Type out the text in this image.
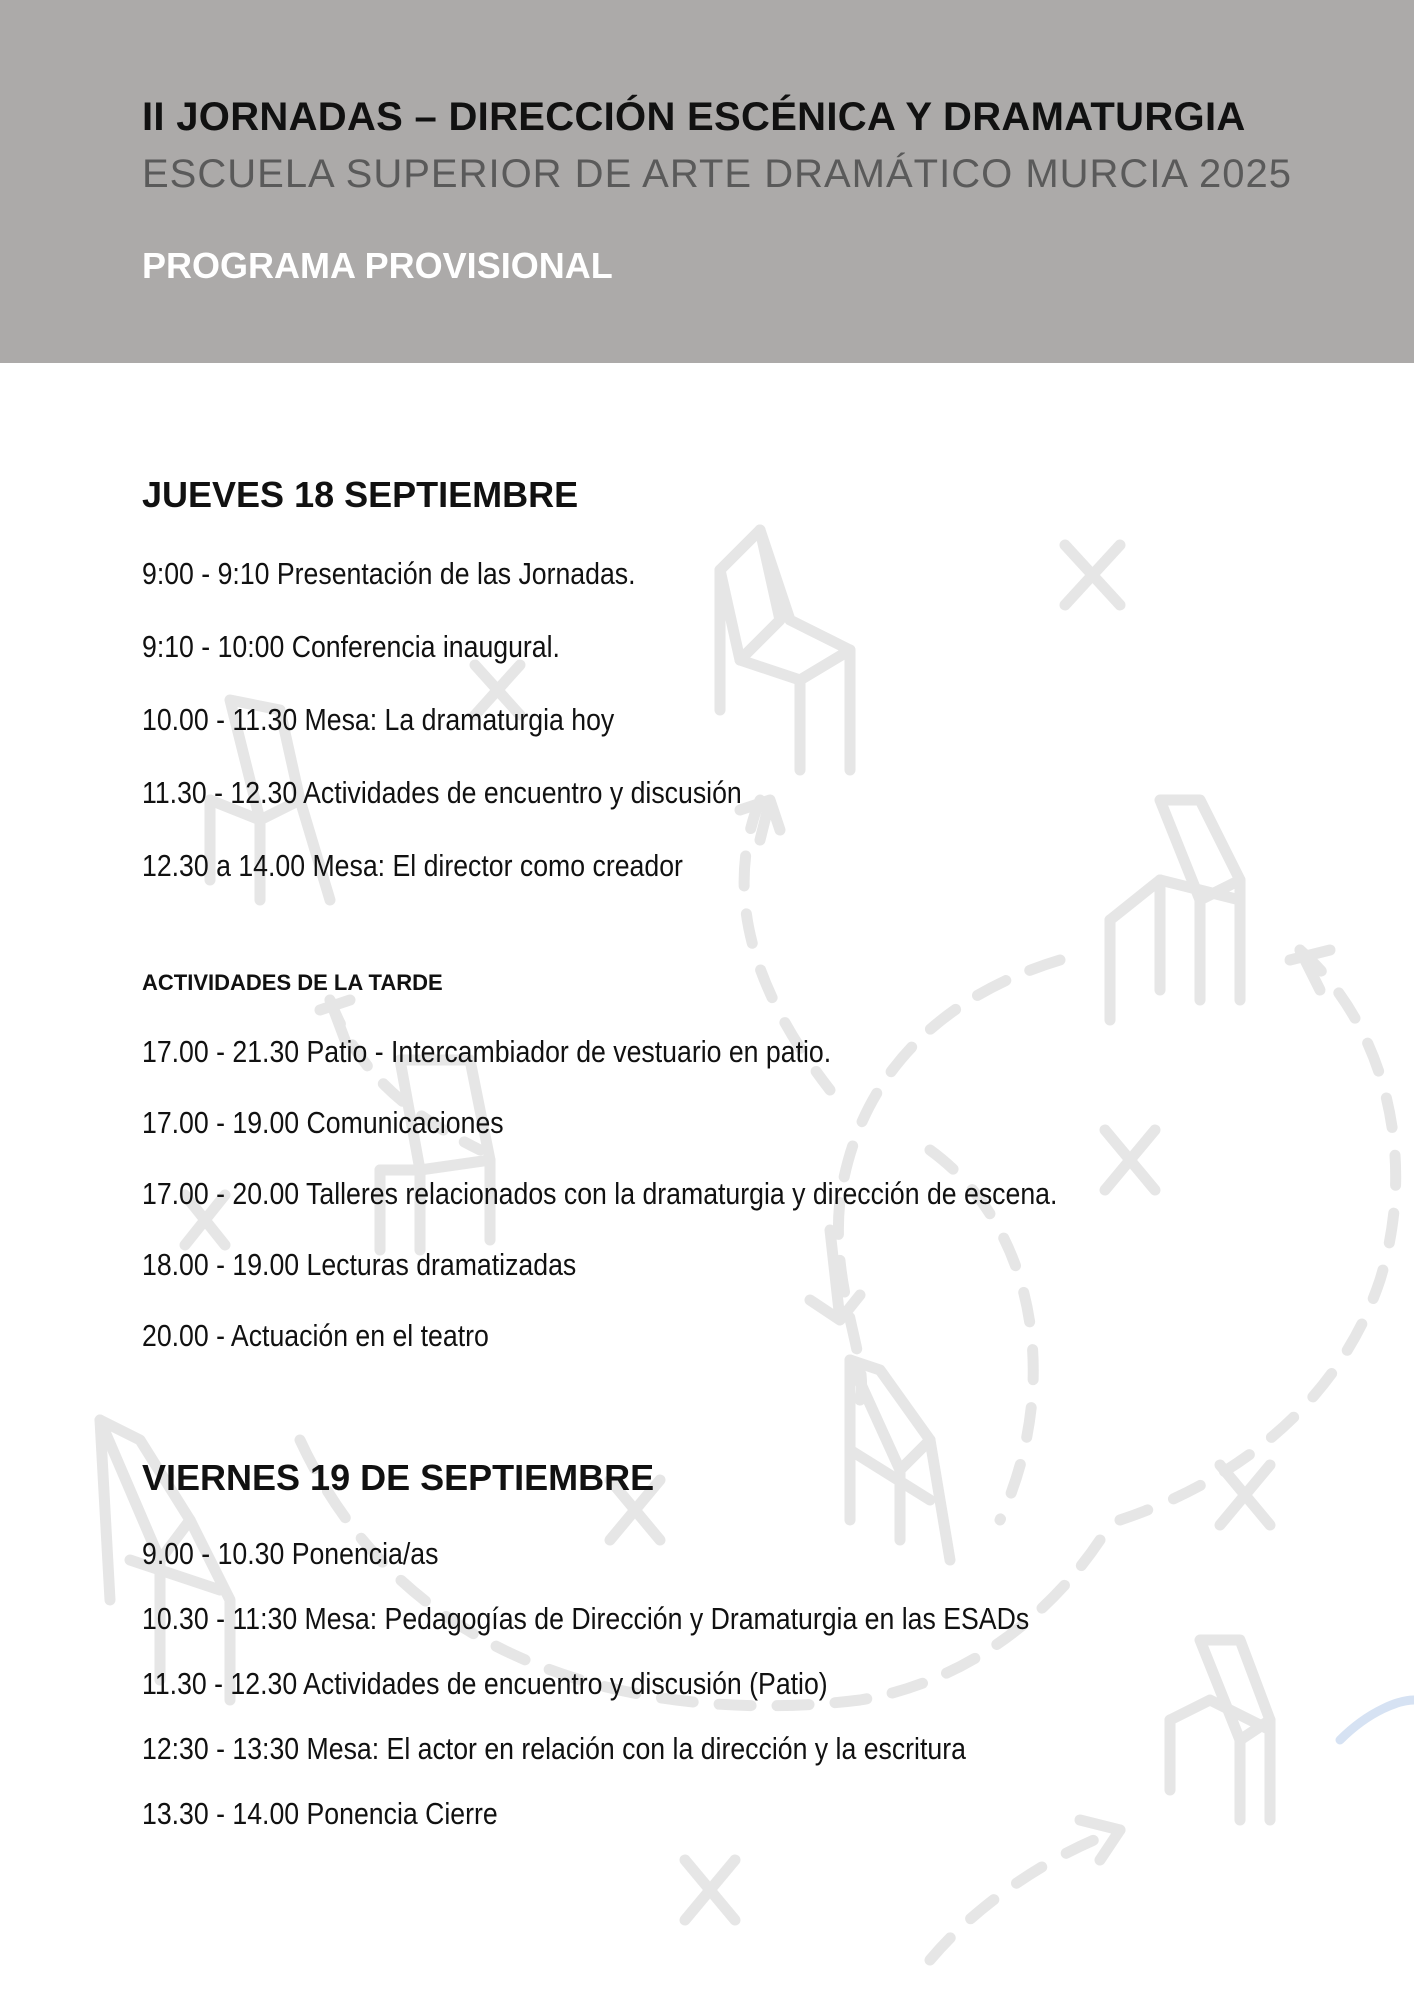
II JORNADAS – DIRECCIÓN ESCÉNICA Y DRAMATURGIA
ESCUELA SUPERIOR DE ARTE DRAMÁTICO MURCIA 2025
PROGRAMA PROVISIONAL
JUEVES 18 SEPTIEMBRE
9:00 - 9:10 Presentación de las Jornadas.
9:10 - 10:00 Conferencia inaugural.
10.00 - 11.30 Mesa: La dramaturgia hoy
11.30 - 12.30 Actividades de encuentro y discusión
12.30 a 14.00 Mesa: El director como creador
ACTIVIDADES DE LA TARDE
17.00 - 21.30 Patio - Intercambiador de vestuario en patio.
17.00 - 19.00 Comunicaciones
17.00 - 20.00 Talleres relacionados con la dramaturgia y dirección de escena.
18.00 - 19.00 Lecturas dramatizadas
20.00 - Actuación en el teatro
VIERNES 19 DE SEPTIEMBRE
9.00 - 10.30 Ponencia/as
10.30 - 11:30 Mesa: Pedagogías de Dirección y Dramaturgia en las ESADs
11.30 - 12.30 Actividades de encuentro y discusión (Patio)
12:30 - 13:30 Mesa: El actor en relación con la dirección y la escritura
13.30 - 14.00 Ponencia Cierre
